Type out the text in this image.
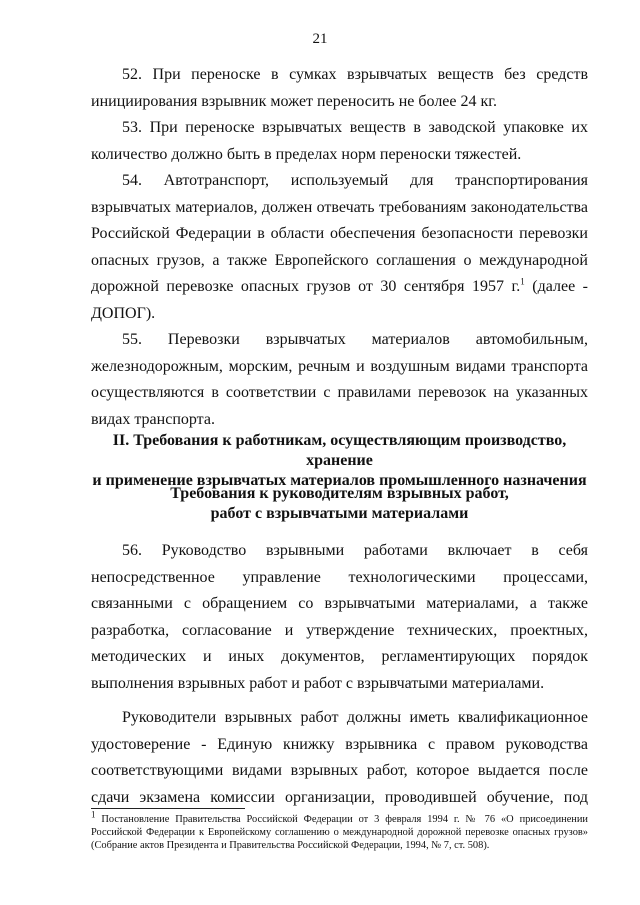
21

52. При переноске в сумках взрывчатых веществ без средств инициирования взрывник может переносить не более 24 кг.

53. При переноске взрывчатых веществ в заводской упаковке их количество должно быть в пределах норм переноски тяжестей.

54. Автотранспорт, используемый для транспортирования взрывчатых материалов, должен отвечать требованиям законодательства Российской Федерации в области обеспечения безопасности перевозки опасных грузов, а также Европейского соглашения о международной дорожной перевозке опасных грузов от 30 сентября 1957 г.$^1$ (далее - ДОПОГ).

55. Перевозки взрывчатых материалов автомобильным, железнодорожным, морским, речным и воздушным видами транспорта осуществляются в соответствии с правилами перевозок на указанных видах транспорта.

II. Требования к работникам, осуществляющим производство, хранение
и применение взрывчатых материалов промышленного назначения
Требования к руководителям взрывных работ,
работ с взрывчатыми материалами

56. Руководство взрывными работами включает в себя непосредственное управление технологическими процессами, связанными с обращением со взрывчатыми материалами, а также разработка, согласование и утверждение технических, проектных, методических и иных документов, регламентирующих порядок выполнения взрывных работ и работ с взрывчатыми материалами.

Руководители взрывных работ должны иметь квалификационное удостоверение - Единую книжку взрывника с правом руководства соответствующими видами взрывных работ, которое выдается после сдачи экзамена комиссии организации, проводившей обучение, под

$^1$ Постановление Правительства Российской Федерации от 3 февраля 1994 г. № 76 «О присоединении Российской Федерации к Европейскому соглашению о международной дорожной перевозке опасных грузов» (Собрание актов Президента и Правительства Российской Федерации, 1994, № 7, ст. 508).
